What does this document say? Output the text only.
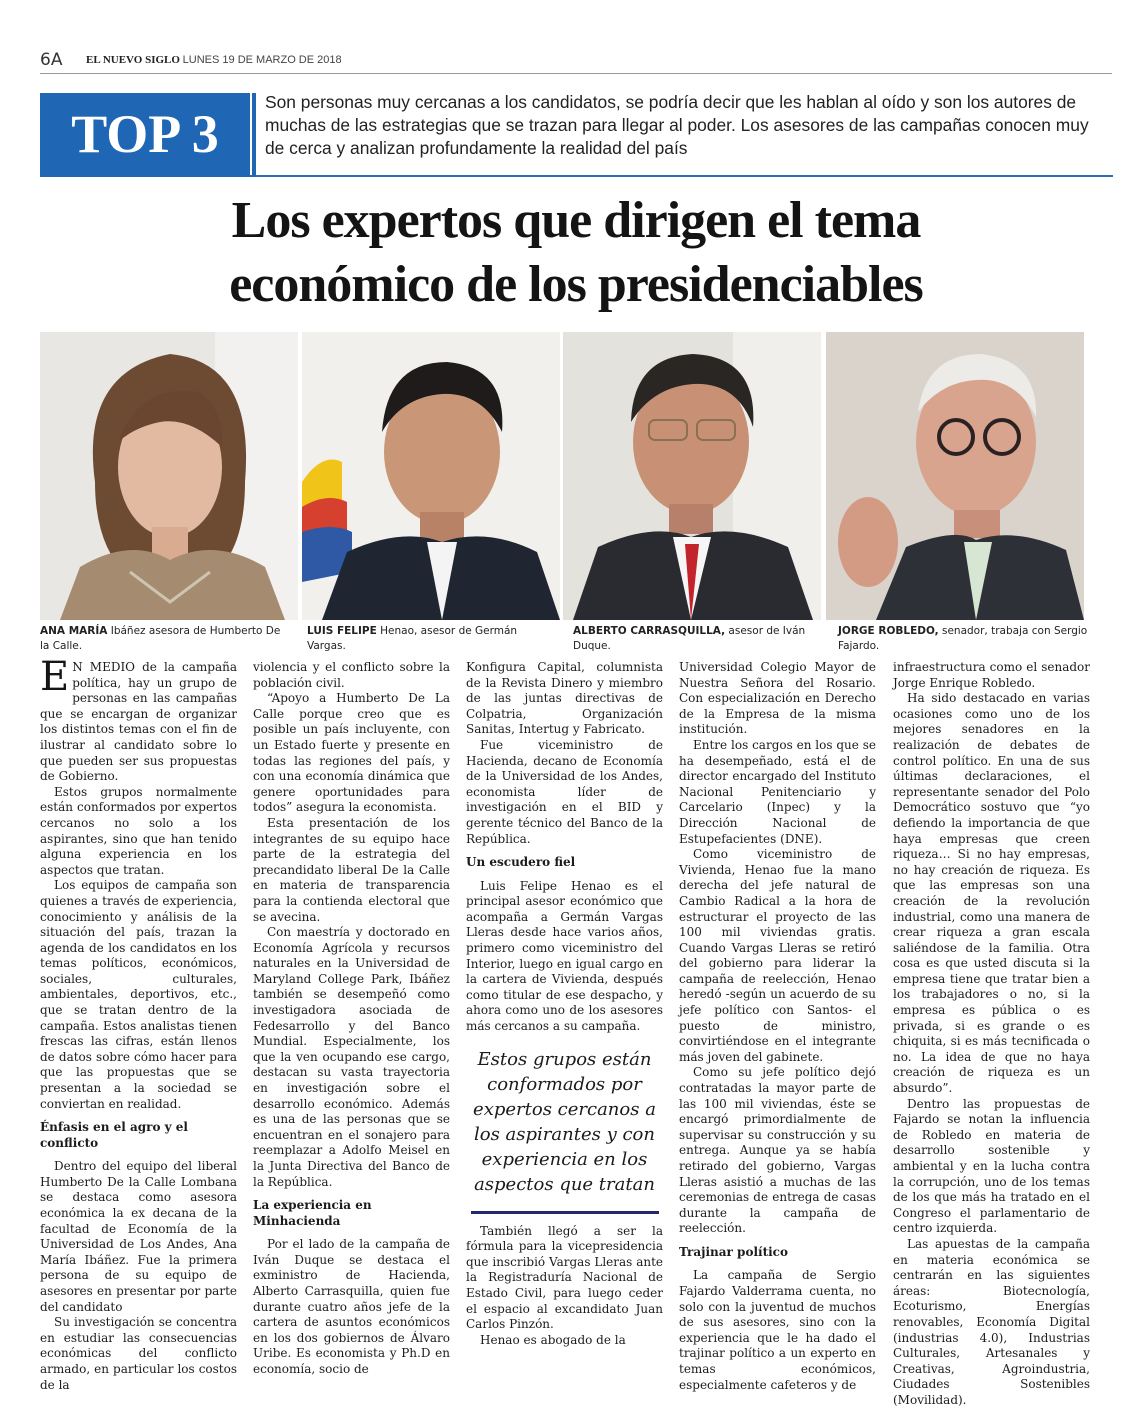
6A EL NUEVO SIGLO LUNES 19 DE MARZO DE 2018
TOP 3
Son personas muy cercanas a los candidatos, se podría decir que les hablan al oído y son los autores de muchas de las estrategias que se trazan para llegar al poder. Los asesores de las campañas conocen muy de cerca y analizan profundamente la realidad del país
Los expertos que dirigen el tema
económico de los presidenciables
ANA MARÍA Ibáñez asesora de Humberto De la Calle.
LUIS FELIPE Henao, asesor de Germán Vargas.
ALBERTO CARRASQUILLA, asesor de Iván Duque.
JORGE ROBLEDO, senador, trabaja con Sergio Fajardo.

E N MEDIO de la campaña política, hay un grupo de personas en las campañas que se encargan de organizar los distintos temas con el fin de ilustrar al candidato sobre lo que pueden ser sus propuestas de Gobierno.

Estos grupos normalmente están conformados por expertos cercanos no solo a los aspirantes, sino que han tenido alguna experiencia en los aspectos que tratan.

Los equipos de campaña son quienes a través de experiencia, conocimiento y análisis de la situación del país, trazan la agenda de los candidatos en los temas políticos, económicos, sociales, culturales, ambientales, deportivos, etc., que se tratan dentro de la campaña. Estos analistas tienen frescas las cifras, están llenos de datos sobre cómo hacer para que las propuestas que se presentan a la sociedad se conviertan en realidad.

Énfasis en el agro y el conflicto

Dentro del equipo del liberal Humberto De la Calle Lombana se destaca como asesora económica la ex decana de la facultad de Economía de la Universidad de Los Andes, Ana María Ibáñez. Fue la primera persona de su equipo de asesores en presentar por parte del candidato

Su investigación se concentra en estudiar las consecuencias económicas del conflicto armado, en particular los costos de la

violencia y el conflicto sobre la población civil.

“Apoyo a Humberto De La Calle porque creo que es posible un país incluyente, con un Estado fuerte y presente en todas las regiones del país, y con una economía dinámica que genere oportunidades para todos” asegura la economista.

Esta presentación de los integrantes de su equipo hace parte de la estrategia del precandidato liberal De la Calle en materia de transparencia para la contienda electoral que se avecina.

Con maestría y doctorado en Economía Agrícola y recursos naturales en la Universidad de Maryland College Park, Ibáñez también se desempeñó como investigadora asociada de Fedesarrollo y del Banco Mundial. Especialmente, los que la ven ocupando ese cargo, destacan su vasta trayectoria en investigación sobre el desarrollo económico. Además es una de las personas que se encuentran en el sonajero para reemplazar a Adolfo Meisel en la Junta Directiva del Banco de la República.

La experiencia en Minhacienda

Por el lado de la campaña de Iván Duque se destaca el exministro de Hacienda, Alberto Carrasquilla, quien fue durante cuatro años jefe de la cartera de asuntos económicos en los dos gobiernos de Álvaro Uribe. Es economista y Ph.D en economía, socio de

Konfigura Capital, columnista de la Revista Dinero y miembro de las juntas directivas de Colpatria, Organización Sanitas, Intertug y Fabricato.

Fue viceministro de Hacienda, decano de Economía de la Universidad de los Andes, economista líder de investigación en el BID y gerente técnico del Banco de la República.

Un escudero fiel

Luis Felipe Henao es el principal asesor económico que acompaña a Germán Vargas Lleras desde hace varios años, primero como viceministro del Interior, luego en igual cargo en la cartera de Vivienda, después como titular de ese despacho, y ahora como uno de los asesores más cercanos a su campaña.

Estos grupos están conformados por expertos cercanos a los aspirantes y con experiencia en los aspectos que tratan

También llegó a ser la fórmula para la vicepresidencia que inscribió Vargas Lleras ante la Registraduría Nacional de Estado Civil, para luego ceder el espacio al excandidato Juan Carlos Pinzón.

Henao es abogado de la

Universidad Colegio Mayor de Nuestra Señora del Rosario. Con especialización en Derecho de la Empresa de la misma institución.

Entre los cargos en los que se ha desempeñado, está el de director encargado del Instituto Nacional Penitenciario y Carcelario (Inpec) y la Dirección Nacional de Estupefacientes (DNE).

Como viceministro de Vivienda, Henao fue la mano derecha del jefe natural de Cambio Radical a la hora de estructurar el proyecto de las 100 mil viviendas gratis. Cuando Vargas Lleras se retiró del gobierno para liderar la campaña de reelección, Henao heredó -según un acuerdo de su jefe político con Santos- el puesto de ministro, convirtiéndose en el integrante más joven del gabinete.

Como su jefe político dejó contratadas la mayor parte de las 100 mil viviendas, éste se encargó primordialmente de supervisar su construcción y su entrega. Aunque ya se había retirado del gobierno, Vargas Lleras asistió a muchas de las ceremonias de entrega de casas durante la campaña de reelección.

Trajinar político

La campaña de Sergio Fajardo Valderrama cuenta, no solo con la juventud de muchos de sus asesores, sino con la experiencia que le ha dado el trajinar político a un experto en temas económicos, especialmente cafeteros y de

infraestructura como el senador Jorge Enrique Robledo.

Ha sido destacado en varias ocasiones como uno de los mejores senadores en la realización de debates de control político. En una de sus últimas declaraciones, el representante senador del Polo Democrático sostuvo que “yo defiendo la importancia de que haya empresas que creen riqueza… Si no hay empresas, no hay creación de riqueza. Es que las empresas son una creación de la revolución industrial, como una manera de crear riqueza a gran escala saliéndose de la familia. Otra cosa es que usted discuta si la empresa tiene que tratar bien a los trabajadores o no, si la empresa es pública o es privada, si es grande o es chiquita, si es más tecnificada o no. La idea de que no haya creación de riqueza es un absurdo”.

Dentro las propuestas de Fajardo se notan la influencia de Robledo en materia de desarrollo sostenible y ambiental y en la lucha contra la corrupción, uno de los temas de los que más ha tratado en el Congreso el parlamentario de centro izquierda.

Las apuestas de la campaña en materia económica se centrarán en las siguientes áreas: Biotecnología, Ecoturismo, Energías renovables, Economía Digital (industrias 4.0), Industrias Culturales, Artesanales y Creativas, Agroindustria, Ciudades Sostenibles (Movilidad).
